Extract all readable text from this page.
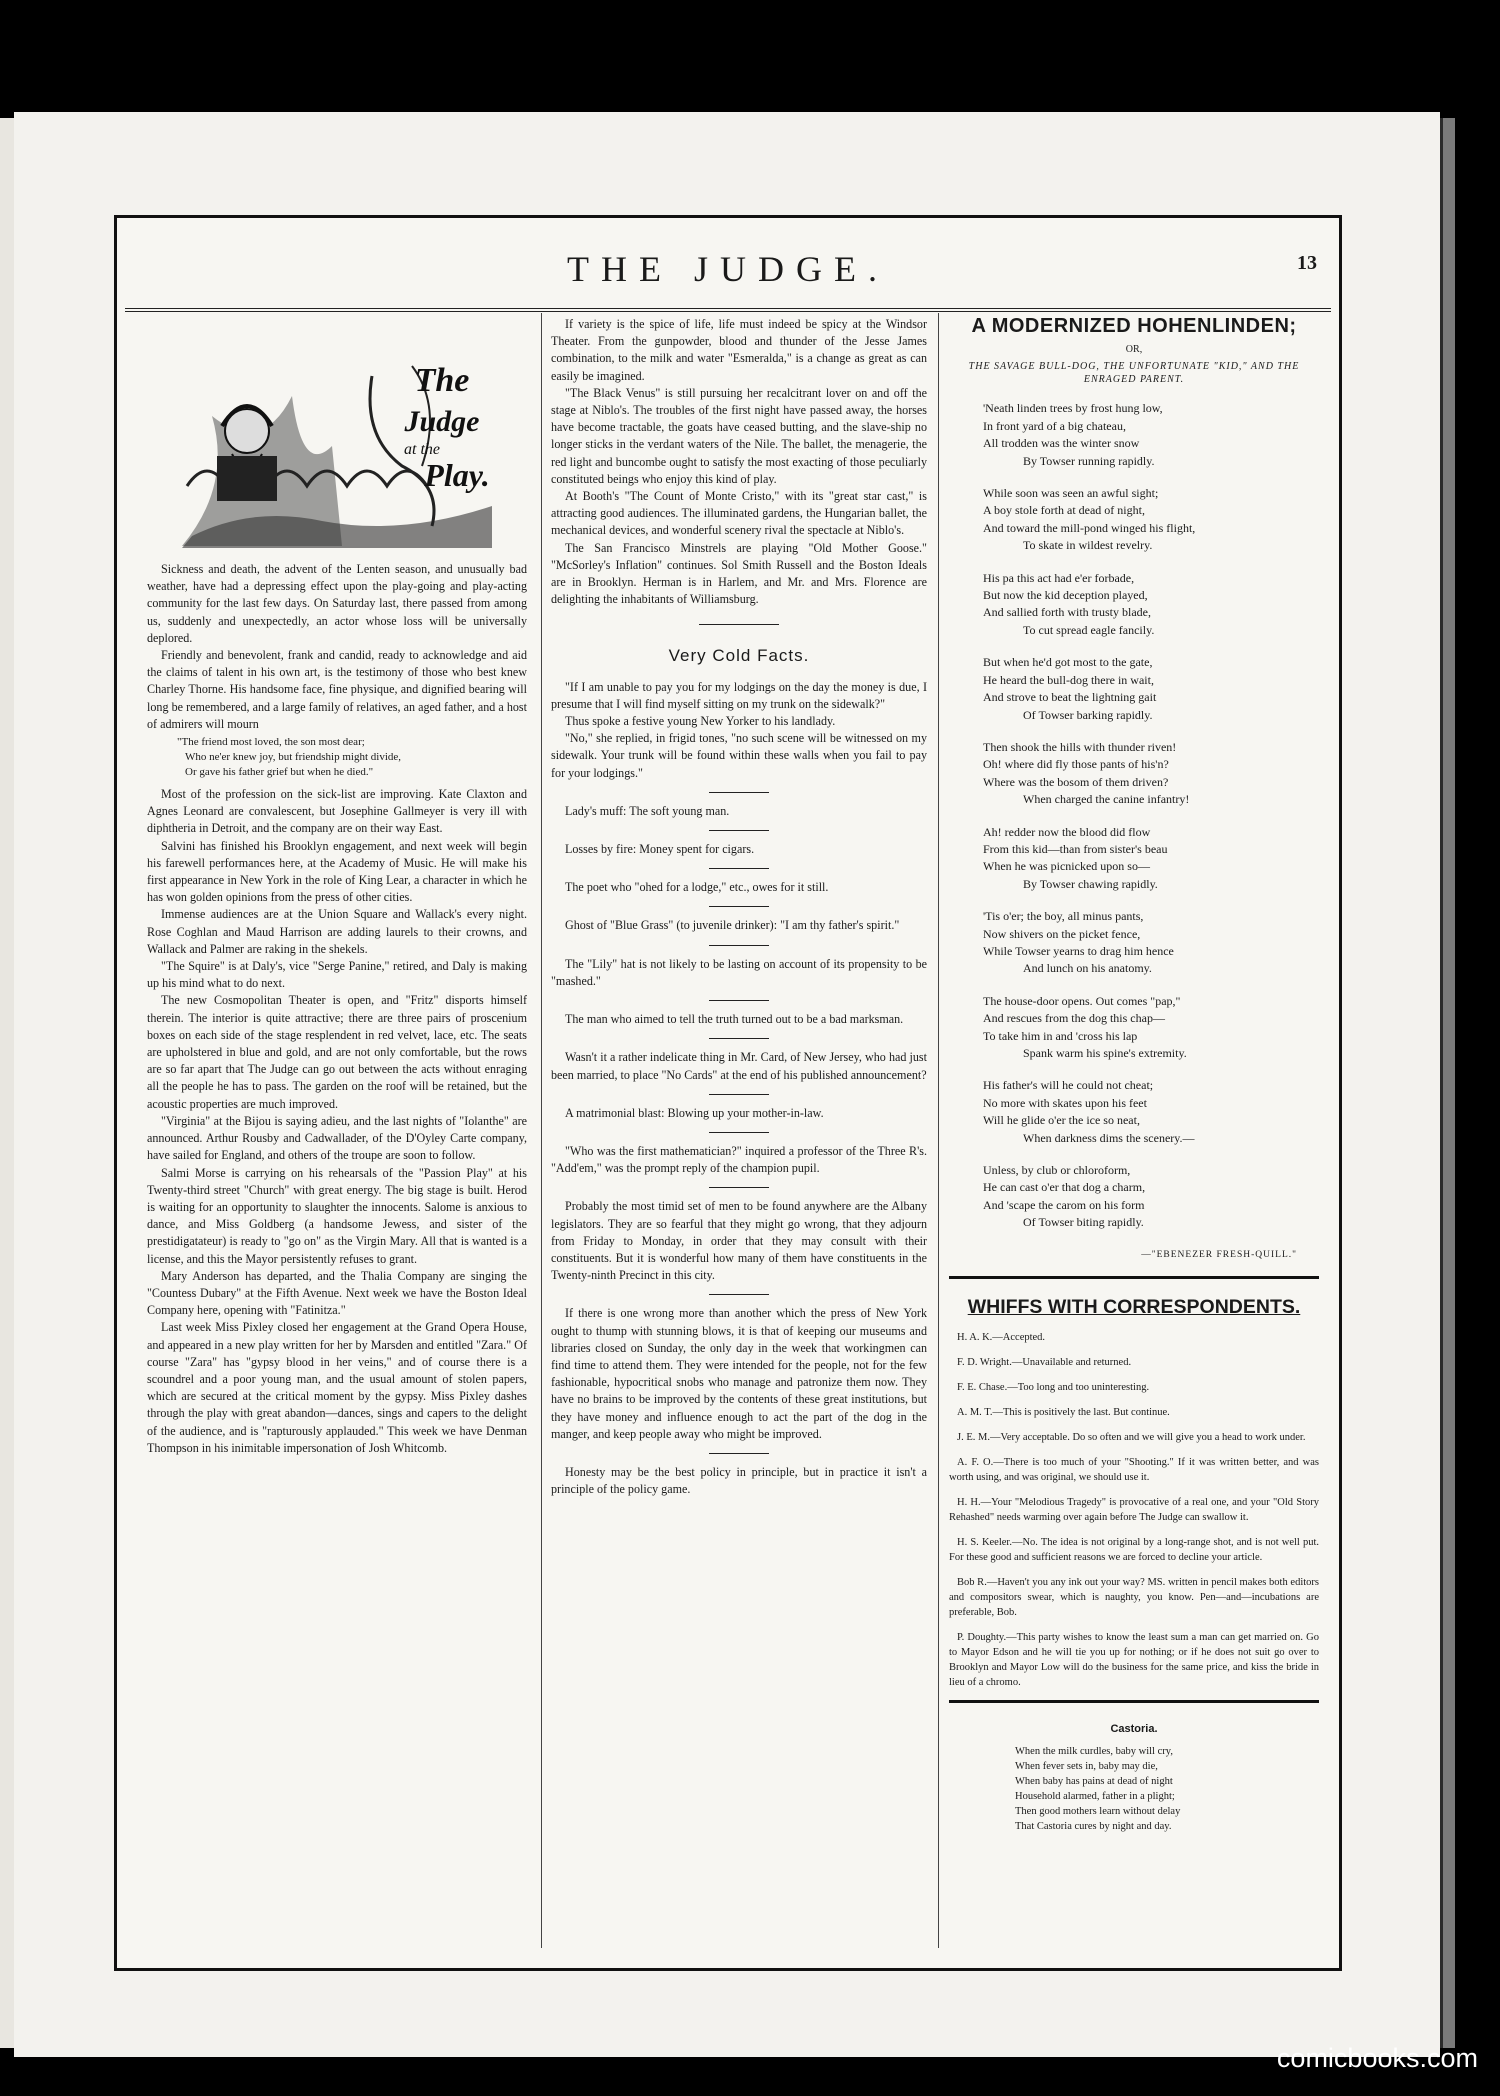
THE JUDGE.	13
The
Judge
at the
Play.

Sickness and death, the advent of the Lenten season, and unusually bad weather, have had a depressing effect upon the play-going and play-acting community for the last few days. On Saturday last, there passed from among us, suddenly and unexpectedly, an actor whose loss will be universally deplored.

Friendly and benevolent, frank and candid, ready to acknowledge and aid the claims of talent in his own art, is the testimony of those who best knew Charley Thorne. His handsome face, fine physique, and dignified bearing will long be remembered, and a large family of relatives, an aged father, and a host of admirers will mourn

"The friend most loved, the son most dear;

Who ne'er knew joy, but friendship might divide,

Or gave his father grief but when he died."

Most of the profession on the sick-list are improving. Kate Claxton and Agnes Leonard are convalescent, but Josephine Gallmeyer is very ill with diphtheria in Detroit, and the company are on their way East.

Salvini has finished his Brooklyn engagement, and next week will begin his farewell performances here, at the Academy of Music. He will make his first appearance in New York in the role of King Lear, a character in which he has won golden opinions from the press of other cities.

Immense audiences are at the Union Square and Wallack's every night. Rose Coghlan and Maud Harrison are adding laurels to their crowns, and Wallack and Palmer are raking in the shekels.

"The Squire" is at Daly's, vice "Serge Panine," retired, and Daly is making up his mind what to do next.

The new Cosmopolitan Theater is open, and "Fritz" disports himself therein. The interior is quite attractive; there are three pairs of proscenium boxes on each side of the stage resplendent in red velvet, lace, etc. The seats are upholstered in blue and gold, and are not only comfortable, but the rows are so far apart that The Judge can go out between the acts without enraging all the people he has to pass. The garden on the roof will be retained, but the acoustic properties are much improved.

"Virginia" at the Bijou is saying adieu, and the last nights of "Iolanthe" are announced. Arthur Rousby and Cadwallader, of the D'Oyley Carte company, have sailed for England, and others of the troupe are soon to follow.

Salmi Morse is carrying on his rehearsals of the "Passion Play" at his Twenty-third street "Church" with great energy. The big stage is built. Herod is waiting for an opportunity to slaughter the innocents. Salome is anxious to dance, and Miss Goldberg (a handsome Jewess, and sister of the prestidigatateur) is ready to "go on" as the Virgin Mary. All that is wanted is a license, and this the Mayor persistently refuses to grant.

Mary Anderson has departed, and the Thalia Company are singing the "Countess Dubary" at the Fifth Avenue. Next week we have the Boston Ideal Company here, opening with "Fatinitza."

Last week Miss Pixley closed her engagement at the Grand Opera House, and appeared in a new play written for her by Marsden and entitled "Zara." Of course "Zara" has "gypsy blood in her veins," and of course there is a scoundrel and a poor young man, and the usual amount of stolen papers, which are secured at the critical moment by the gypsy. Miss Pixley dashes through the play with great abandon—dances, sings and capers to the delight of the audience, and is "rapturously applauded." This week we have Denman Thompson in his inimitable impersonation of Josh Whitcomb.

If variety is the spice of life, life must indeed be spicy at the Windsor Theater. From the gunpowder, blood and thunder of the Jesse James combination, to the milk and water "Esmeralda," is a change as great as can easily be imagined.

"The Black Venus" is still pursuing her recalcitrant lover on and off the stage at Niblo's. The troubles of the first night have passed away, the horses have become tractable, the goats have ceased butting, and the slave-ship no longer sticks in the verdant waters of the Nile. The ballet, the menagerie, the red light and buncombe ought to satisfy the most exacting of those peculiarly constituted beings who enjoy this kind of play.

At Booth's "The Count of Monte Cristo," with its "great star cast," is attracting good audiences. The illuminated gardens, the Hungarian ballet, the mechanical devices, and wonderful scenery rival the spectacle at Niblo's.

The San Francisco Minstrels are playing "Old Mother Goose." "McSorley's Inflation" continues. Sol Smith Russell and the Boston Ideals are in Brooklyn. Herman is in Harlem, and Mr. and Mrs. Florence are delighting the inhabitants of Williamsburg.

Very Cold Facts.

"If I am unable to pay you for my lodgings on the day the money is due, I presume that I will find myself sitting on my trunk on the sidewalk?"

Thus spoke a festive young New Yorker to his landlady.

"No," she replied, in frigid tones, "no such scene will be witnessed on my sidewalk. Your trunk will be found within these walls when you fail to pay for your lodgings."

Lady's muff: The soft young man.

Losses by fire: Money spent for cigars.

The poet who "ohed for a lodge," etc., owes for it still.

Ghost of "Blue Grass" (to juvenile drinker): "I am thy father's spirit."

The "Lily" hat is not likely to be lasting on account of its propensity to be "mashed."

The man who aimed to tell the truth turned out to be a bad marksman.

Wasn't it a rather indelicate thing in Mr. Card, of New Jersey, who had just been married, to place "No Cards" at the end of his published announcement?

A matrimonial blast: Blowing up your mother-in-law.

"Who was the first mathematician?" inquired a professor of the Three R's. "Add'em," was the prompt reply of the champion pupil.

Probably the most timid set of men to be found anywhere are the Albany legislators. They are so fearful that they might go wrong, that they adjourn from Friday to Monday, in order that they may consult with their constituents. But it is wonderful how many of them have constituents in the Twenty-ninth Precinct in this city.

If there is one wrong more than another which the press of New York ought to thump with stunning blows, it is that of keeping our museums and libraries closed on Sunday, the only day in the week that workingmen can find time to attend them. They were intended for the people, not for the few fashionable, hypocritical snobs who manage and patronize them now. They have no brains to be improved by the contents of these great institutions, but they have money and influence enough to act the part of the dog in the manger, and keep people away who might be improved.

Honesty may be the best policy in principle, but in practice it isn't a principle of the policy game.

A MODERNIZED HOHENLINDEN;
OR,
THE SAVAGE BULL-DOG, THE UNFORTUNATE "KID," AND THE ENRAGED PARENT.
'Neath linden trees by frost hung low,
In front yard of a big chateau,
All trodden was the winter snow
By Towser running rapidly.
While soon was seen an awful sight;
A boy stole forth at dead of night,
And toward the mill-pond winged his flight,
To skate in wildest revelry.
His pa this act had e'er forbade,
But now the kid deception played,
And sallied forth with trusty blade,
To cut spread eagle fancily.
But when he'd got most to the gate,
He heard the bull-dog there in wait,
And strove to beat the lightning gait
Of Towser barking rapidly.
Then shook the hills with thunder riven!
Oh! where did fly those pants of his'n?
Where was the bosom of them driven?
When charged the canine infantry!
Ah! redder now the blood did flow
From this kid—than from sister's beau
When he was picnicked upon so—
By Towser chawing rapidly.
'Tis o'er; the boy, all minus pants,
Now shivers on the picket fence,
While Towser yearns to drag him hence
And lunch on his anatomy.
The house-door opens. Out comes "pap,"
And rescues from the dog this chap—
To take him in and 'cross his lap
Spank warm his spine's extremity.
His father's will he could not cheat;
No more with skates upon his feet
Will he glide o'er the ice so neat,
When darkness dims the scenery.—
Unless, by club or chloroform,
He can cast o'er that dog a charm,
And 'scape the carom on his form
Of Towser biting rapidly.
—"EBENEZER FRESH-QUILL."
WHIFFS WITH CORRESPONDENTS.
H. A. K.—Accepted.
F. D. Wright.—Unavailable and returned.
F. E. Chase.—Too long and too uninteresting.
A. M. T.—This is positively the last. But continue.
J. E. M.—Very acceptable. Do so often and we will give you a head to work under.
A. F. O.—There is too much of your "Shooting." If it was written better, and was worth using, and was original, we should use it.
H. H.—Your "Melodious Tragedy" is provocative of a real one, and your "Old Story Rehashed" needs warming over again before The Judge can swallow it.
H. S. Keeler.—No. The idea is not original by a long-range shot, and is not well put. For these good and sufficient reasons we are forced to decline your article.
Bob R.—Haven't you any ink out your way? MS. written in pencil makes both editors and compositors swear, which is naughty, you know. Pen—and—incubations are preferable, Bob.
P. Doughty.—This party wishes to know the least sum a man can get married on. Go to Mayor Edson and he will tie you up for nothing; or if he does not suit go over to Brooklyn and Mayor Low will do the business for the same price, and kiss the bride in lieu of a chromo.
Castoria.
When the milk curdles, baby will cry,
When fever sets in, baby may die,
When baby has pains at dead of night
Household alarmed, father in a plight;
Then good mothers learn without delay
That Castoria cures by night and day.
comicbooks.com
